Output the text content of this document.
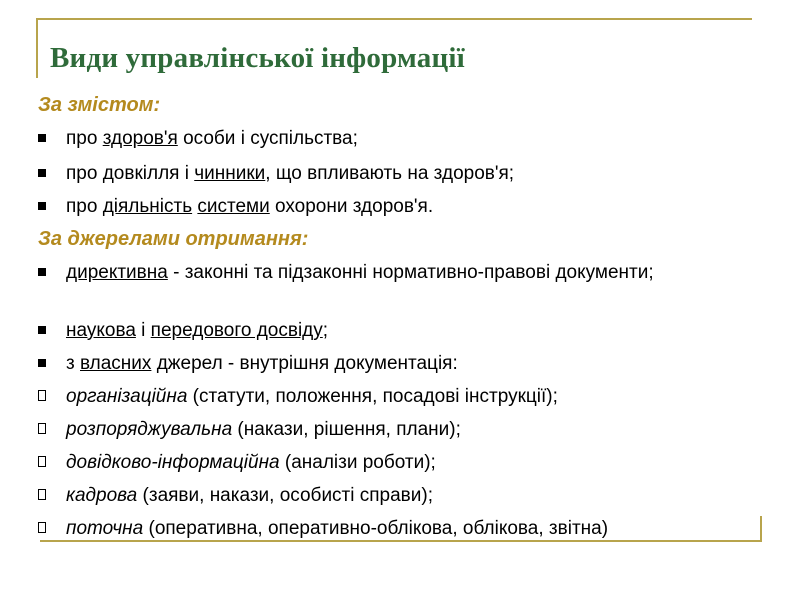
Види управлінської інформації
За змістом:
про здоров'я особи і суспільства;
про довкілля і чинники, що впливають на здоров'я;
про діяльність системи охорони здоров'я.
За джерелами отримання:
директивна - законні та підзаконні нормативно-правові документи;
наукова і передового досвіду;
з власних джерел - внутрішня документація:
організаційна (статути, положення, посадові інструкції);
розпоряджувальна (накази, рішення, плани);
довідково-інформаційна (аналізи роботи);
кадрова (заяви, накази, особисті справи);
поточна (оперативна, оперативно-облікова, облікова, звітна)
